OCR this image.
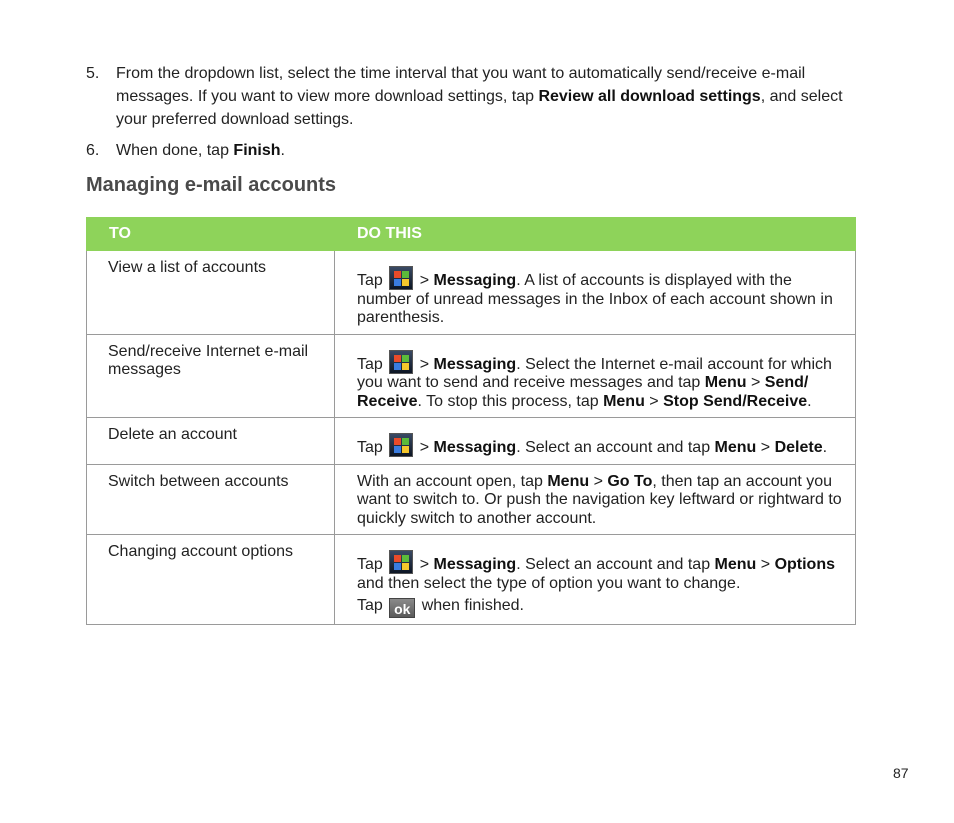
5. From the dropdown list, select the time interval that you want to automatically send/receive e-mail messages. If you want to view more download settings, tap Review all download settings, and select your preferred download settings.
6. When done, tap Finish.
Managing e-mail accounts
TO	DO THIS
View a list of accounts	Tap > Messaging. A list of accounts is displayed with the number of unread messages in the Inbox of each account shown in parenthesis.
Send/receive Internet e-mail messages	Tap > Messaging. Select the Internet e-mail account for which you want to send and receive messages and tap Menu > Send/ Receive. To stop this process, tap Menu > Stop Send/Receive.
Delete an account	Tap > Messaging. Select an account and tap Menu > Delete.
Switch between accounts	With an account open, tap Menu > Go To, then tap an account you want to switch to. Or push the navigation key leftward or rightward to quickly switch to another account.
Changing account options	Tap > Messaging. Select an account and tap Menu > Options and then select the type of option you want to change.
Tap ok when finished.
87
